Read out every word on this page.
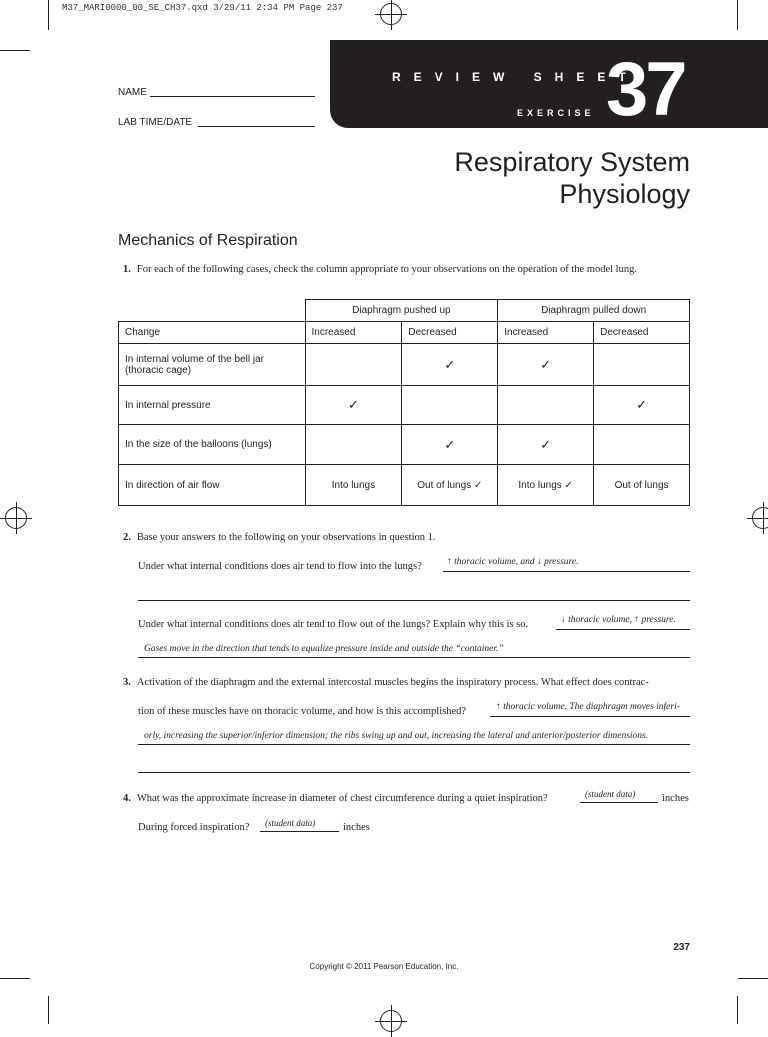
M37_MARI0000_00_SE_CH37.qxd 3/29/11 2:34 PM Page 237
REVIEW SHEET
EXERCISE 37
NAME
LAB TIME/DATE
Respiratory System
Physiology
Mechanics of Respiration
1. For each of the following cases, check the column appropriate to your observations on the operation of the model lung.
	Diaphragm pushed up		Diaphragm pulled down	
Change	Increased	Decreased	Increased	Decreased
In internal volume of the bell jar (thoracic cage)		✓	✓	
In internal pressure	✓			✓
In the size of the balloons (lungs)		✓	✓	
In direction of air flow	Into lungs	Out of lungs ✓	Into lungs ✓	Out of lungs
2. Base your answers to the following on your observations in question 1.
Under what internal conditions does air tend to flow into the lungs?	↑ thoracic volume, and ↓ pressure.
Under what internal conditions does air tend to flow out of the lungs? Explain why this is so.	↓ thoracic volume, ↑ pressure.
Gases move in the direction that tends to equalize pressure inside and outside the “container.”
3. Activation of the diaphragm and the external intercostal muscles begins the inspiratory process. What effect does contrac-
tion of these muscles have on thoracic volume, and how is this accomplished?	↑ thoracic volume. The diaphragm moves inferi-
orly, increasing the superior/inferior dimension; the ribs swing up and out, increasing the lateral and anterior/posterior dimensions.
4. What was the approximate increase in diameter of chest circumference during a quiet inspiration?	(student data)	inches
During forced inspiration? (student data)	inches
237
Copyright © 2011 Pearson Education, Inc.
